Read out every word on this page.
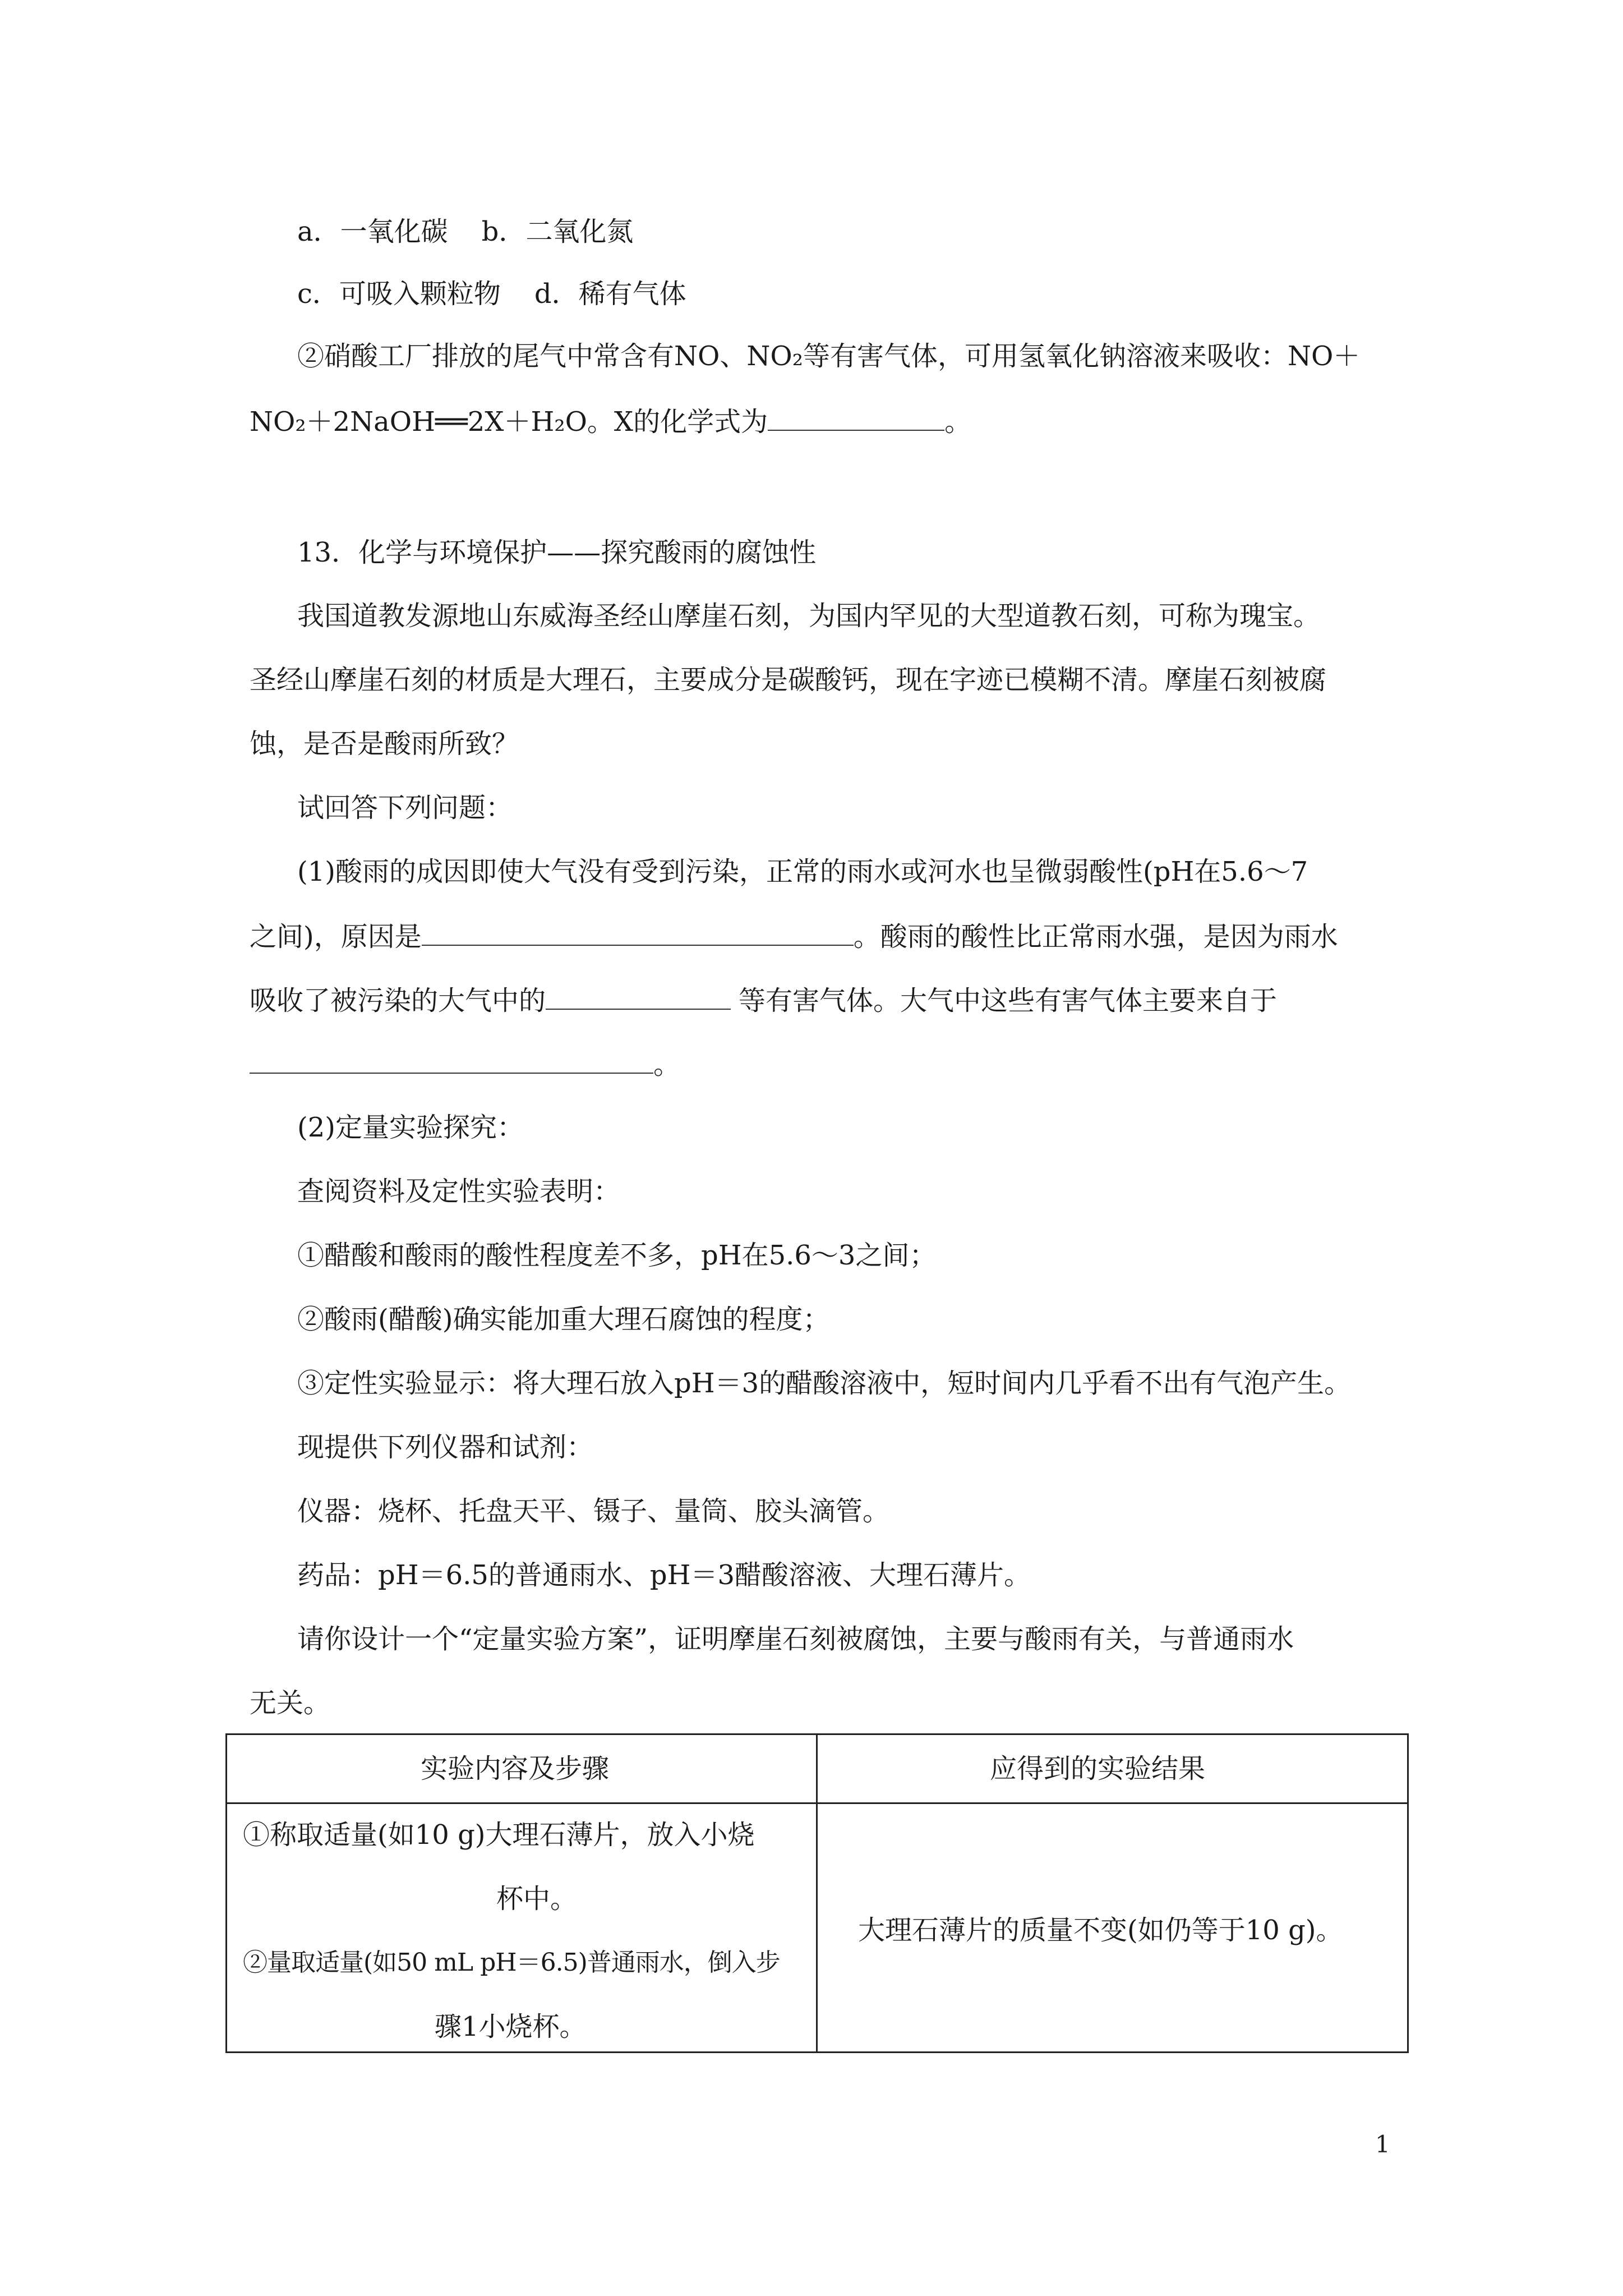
a．一氧化碳 b．二氧化氮
c．可吸入颗粒物 d．稀有气体
②硝酸工厂排放的尾气中常含有NO、NO₂等有害气体，可用氢氧化钠溶液来吸收：NO＋
NO₂＋2NaOH══2X＋H₂O。X的化学式为	。
13．化学与环境保护——探究酸雨的腐蚀性
我国道教发源地山东威海圣经山摩崖石刻，为国内罕见的大型道教石刻，可称为瑰宝。
圣经山摩崖石刻的材质是大理石，主要成分是碳酸钙，现在字迹已模糊不清。摩崖石刻被腐
蚀，是否是酸雨所致？
试回答下列问题：
(1)酸雨的成因即使大气没有受到污染，正常的雨水或河水也呈微弱酸性(pH在5.6～7
之间)，原因是	。酸雨的酸性比正常雨水强，是因为雨水
吸收了被污染的大气中的	等有害气体。大气中这些有害气体主要来自于
。
(2)定量实验探究：
查阅资料及定性实验表明：
①醋酸和酸雨的酸性程度差不多，pH在5.6～3之间；
②酸雨(醋酸)确实能加重大理石腐蚀的程度；
③定性实验显示：将大理石放入pH＝3的醋酸溶液中，短时间内几乎看不出有气泡产生。
现提供下列仪器和试剂：
仪器：烧杯、托盘天平、镊子、量筒、胶头滴管。
药品：pH＝6.5的普通雨水、pH＝3醋酸溶液、大理石薄片。
请你设计一个“定量实验方案”，证明摩崖石刻被腐蚀，主要与酸雨有关，与普通雨水
无关。
实验内容及步骤	应得到的实验结果
①称取适量(如10 g)大理石薄片，放入小烧
杯中。
②量取适量(如50 mL pH＝6.5)普通雨水，倒入步
骤1小烧杯。
大理石薄片的质量不变(如仍等于10 g)。
1
